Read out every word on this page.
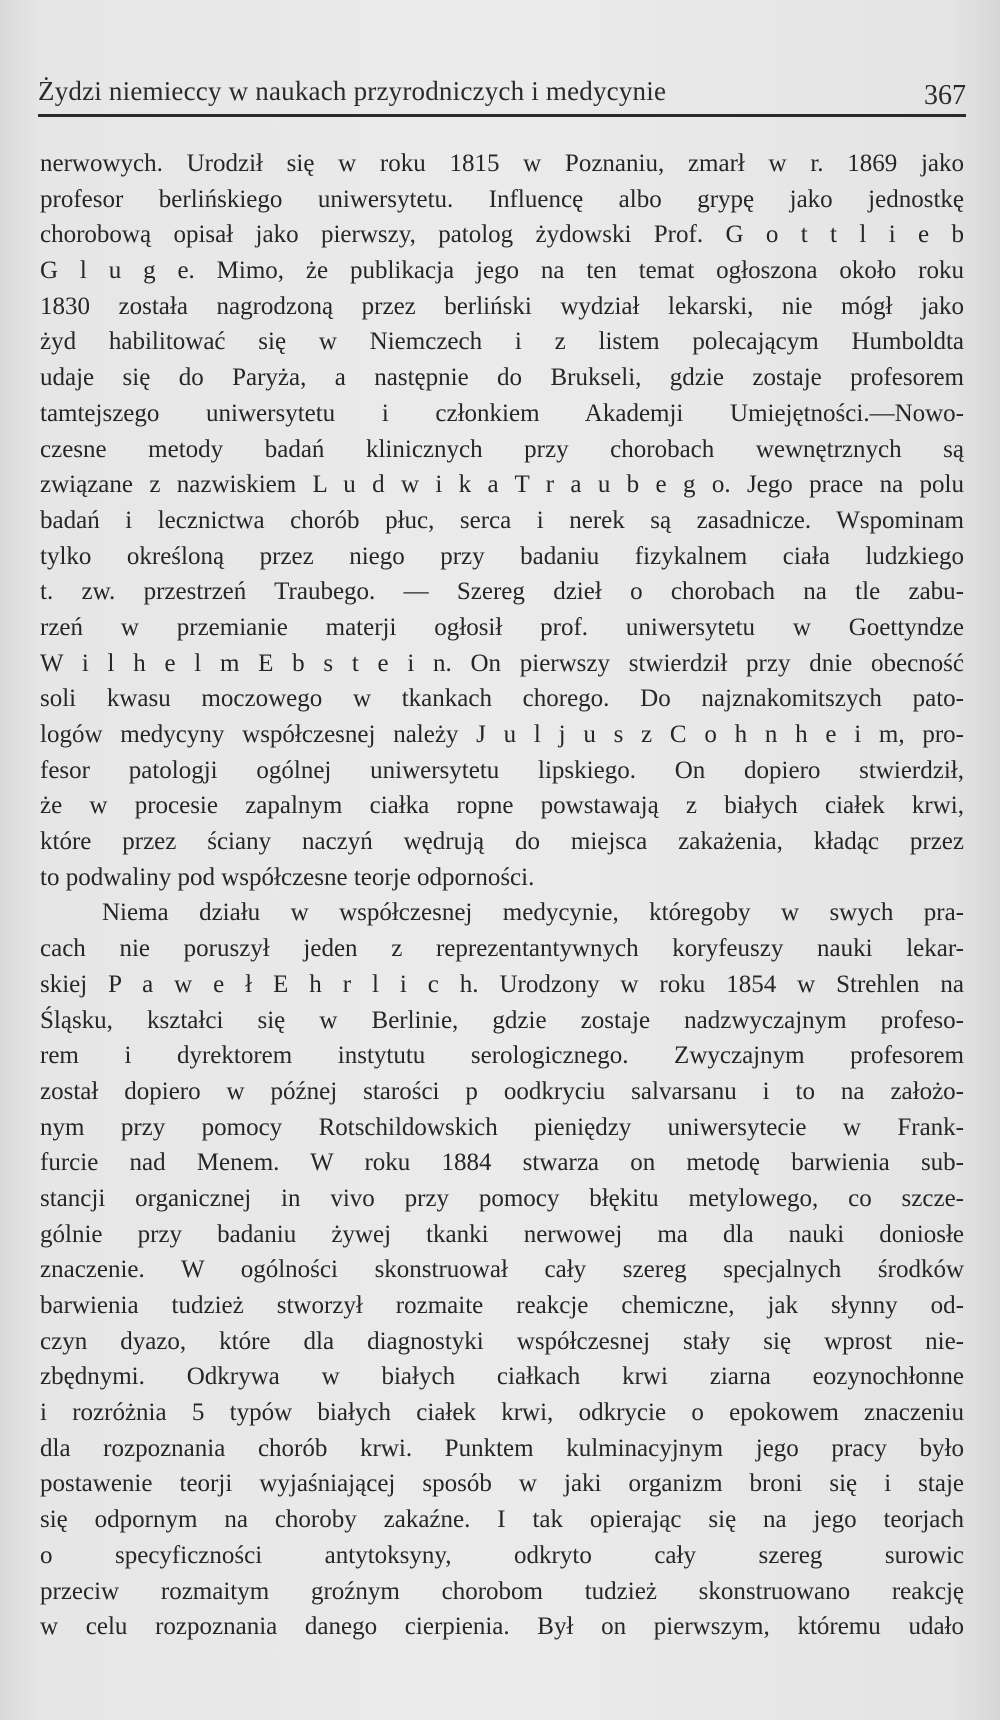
Żydzi niemieccy w naukach przyrodniczych i medycynie	367
nerwowych. Urodził się w roku 1815 w Poznaniu, zmarł w r. 1869 jako
profesor berlińskiego uniwersytetu. Influencę albo grypę jako jednostkę
chorobową opisał jako pierwszy, patolog żydowski Prof. G o t t l i e b
G l u g e. Mimo, że publikacja jego na ten temat ogłoszona około roku
1830 została nagrodzoną przez berliński wydział lekarski, nie mógł jako
żyd habilitować się w Niemczech i z listem polecającym Humboldta
udaje się do Paryża, a następnie do Brukseli, gdzie zostaje profesorem
tamtejszego uniwersytetu i członkiem Akademji Umiejętności.—Nowo-
czesne metody badań klinicznych przy chorobach wewnętrznych są
związane z nazwiskiem L u d w i k a T r a u b e g o. Jego prace na polu
badań i lecznictwa chorób płuc, serca i nerek są zasadnicze. Wspominam
tylko określoną przez niego przy badaniu fizykalnem ciała ludzkiego
t. zw. przestrzeń Traubego. — Szereg dzieł o chorobach na tle zabu-
rzeń w przemianie materji ogłosił prof. uniwersytetu w Goettyndze
W i l h e l m E b s t e i n. On pierwszy stwierdził przy dnie obecność
soli kwasu moczowego w tkankach chorego. Do najznakomitszych pato-
logów medycyny współczesnej należy J u l j u s z C o h n h e i m, pro-
fesor patologji ogólnej uniwersytetu lipskiego. On dopiero stwierdził,
że w procesie zapalnym ciałka ropne powstawają z białych ciałek krwi,
które przez ściany naczyń wędrują do miejsca zakażenia, kładąc przez
to podwaliny pod współczesne teorje odporności.
Niema działu w współczesnej medycynie, któregoby w swych pra-
cach nie poruszył jeden z reprezentantywnych koryfeuszy nauki lekar-
skiej P a w e ł E h r l i c h. Urodzony w roku 1854 w Strehlen na
Śląsku, kształci się w Berlinie, gdzie zostaje nadzwyczajnym profeso-
rem i dyrektorem instytutu serologicznego. Zwyczajnym profesorem
został dopiero w późnej starości p oodkryciu salvarsanu i to na założo-
nym przy pomocy Rotschildowskich pieniędzy uniwersytecie w Frank-
furcie nad Menem. W roku 1884 stwarza on metodę barwienia sub-
stancji organicznej in vivo przy pomocy błękitu metylowego, co szcze-
gólnie przy badaniu żywej tkanki nerwowej ma dla nauki doniosłe
znaczenie. W ogólności skonstruował cały szereg specjalnych środków
barwienia tudzież stworzył rozmaite reakcje chemiczne, jak słynny od-
czyn dyazo, które dla diagnostyki współczesnej stały się wprost nie-
zbędnymi. Odkrywa w białych ciałkach krwi ziarna eozynochłonne
i rozróżnia 5 typów białych ciałek krwi, odkrycie o epokowem znaczeniu
dla rozpoznania chorób krwi. Punktem kulminacyjnym jego pracy było
postawenie teorji wyjaśniającej sposób w jaki organizm broni się i staje
się odpornym na choroby zakaźne. I tak opierając się na jego teorjach
o specyficzności antytoksyny, odkryto cały szereg surowic
przeciw rozmaitym groźnym chorobom tudzież skonstruowano reakcję
w celu rozpoznania danego cierpienia. Był on pierwszym, któremu udało
